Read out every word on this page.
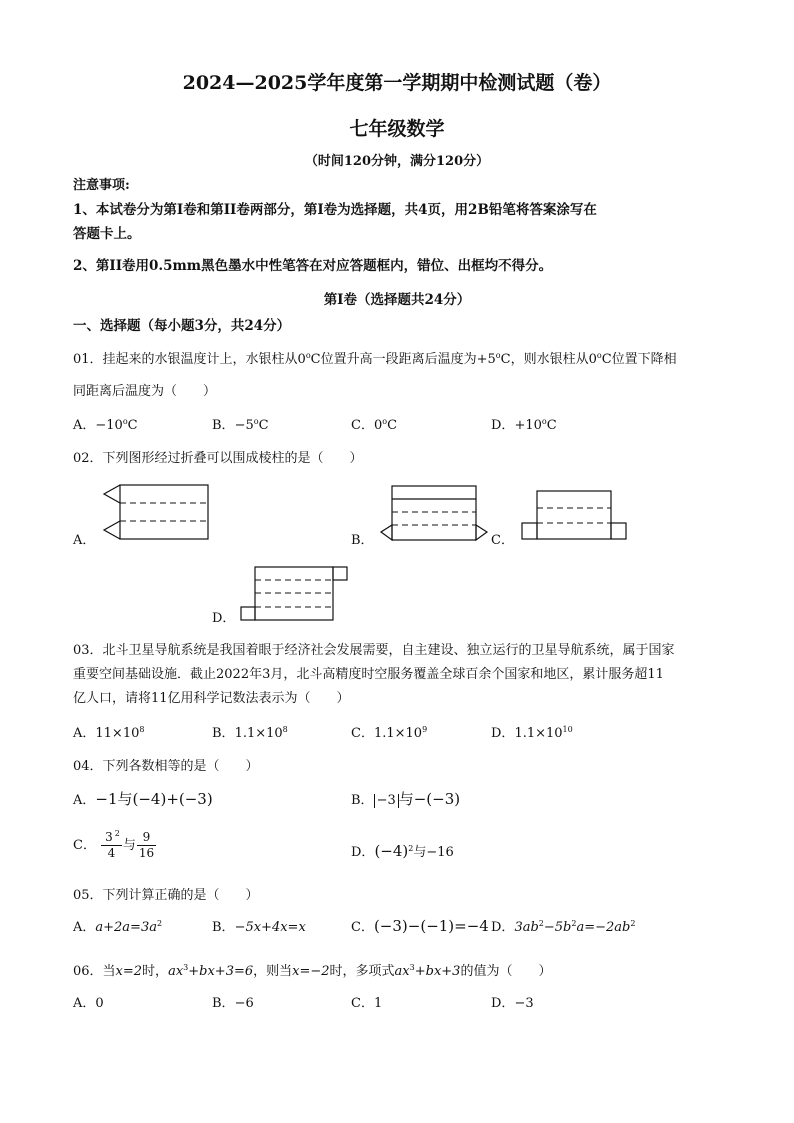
2024—2025学年度第一学期期中检测试题（卷）
七年级数学
（时间120分钟，满分120分）
注意事项:
1、本试卷分为第I卷和第II卷两部分，第I卷为选择题，共4页，用2B铅笔将答案涂写在
答题卡上。
2、第II卷用0.5mm黑色墨水中性笔答在对应答题框内，错位、出框均不得分。
第I卷（选择题共24分）
一、选择题（每小题3分，共24分）
01．挂起来的水银温度计上，水银柱从0$^o$C位置升高一段距离后温度为$+5^oC$，则水银柱从0$^o$C位置下降相
同距离后温度为（　　）
A．$-10^oC$	B．$-5^oC$	C．0$^o$C	D．$+10^oC$
02．下列图形经过折叠可以围成棱柱的是（　　）
A．	B．	C．
D．
03．北斗卫星导航系统是我国着眼于经济社会发展需要，自主建设、独立运行的卫星导航系统，属于国家
重要空间基础设施．截止2022年3月，北斗高精度时空服务覆盖全球百余个国家和地区，累计服务超11
亿人口，请将11亿用科学记数法表示为（　　）
A．$11\times 10^8$	B．$1.1\times 10^8$	C．$1.1\times 10^9$	D．$1.1\times 10^{10}$
04．下列各数相等的是（　　）
A．−1与(−4)+(−3)	B． −3 与−(−3)
C． $\frac{3 ^2}{4}$ 与 $\frac{9}{16}$	D．$(-4)^2$与−16
05．下列计算正确的是（　　）
A．$a+2a=3a^2$	B．−5x+4x=x	C．(−3)−(−1)=−4 D．$3ab^2-5b^2a=-2ab^2$
06．当x=2时，$ax^3+bx+3=6$，则当x=−2时，多项式$ax^3+bx+3$的值为（　　）
A．0	B．−6	C．1	D．−3
